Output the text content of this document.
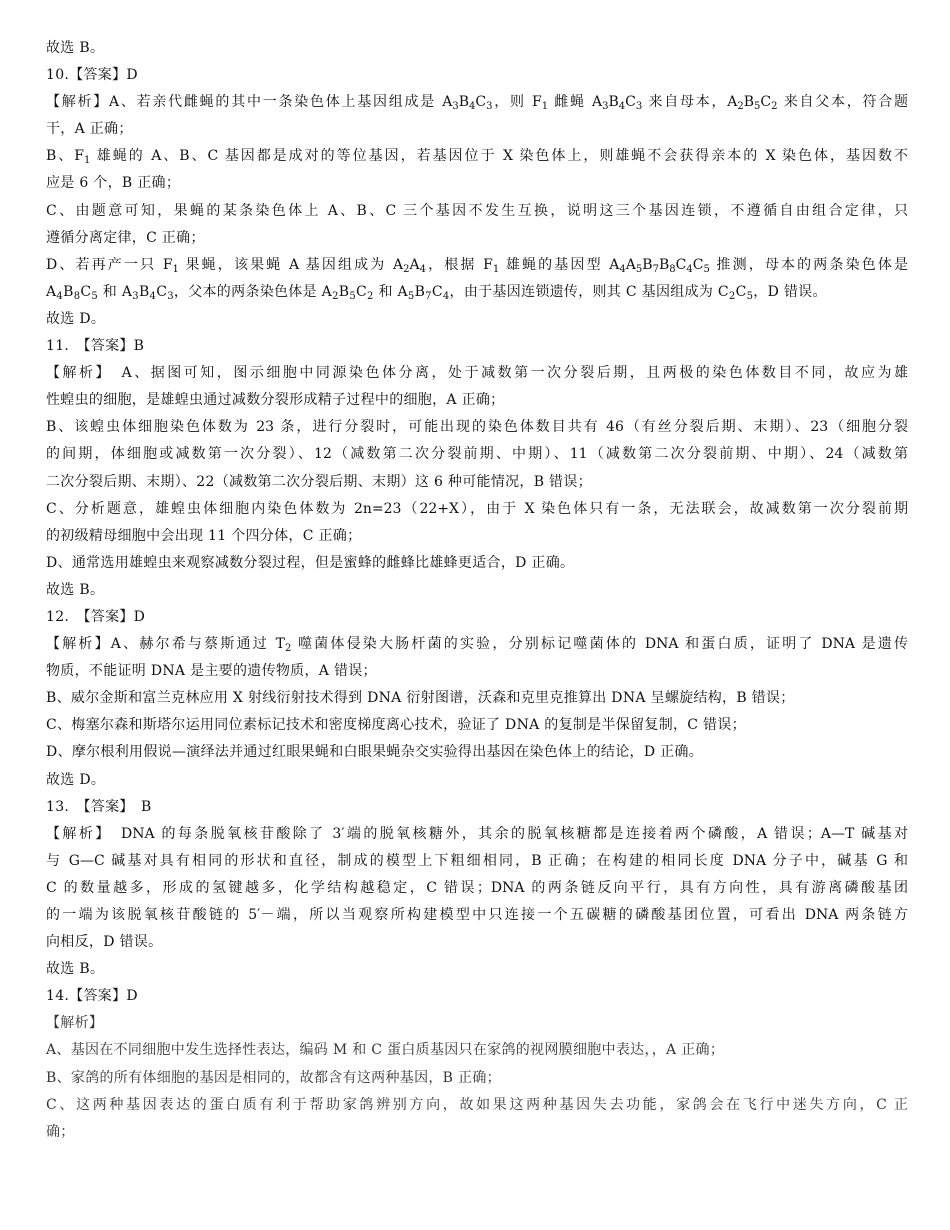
故选 B。
10.【答案】D
【解析】A、若亲代雌蝇的其中一条染色体上基因组成是 $A_3B_4C_3$，则 $F_1$ 雌蝇 $A_3B_4C_3$ 来自母本，$A_2B_5C_2$ 来自父本，符合题
干，A 正确；
B、$F_1$ 雄蝇的 A、B、C 基因都是成对的等位基因，若基因位于 X 染色体上，则雄蝇不会获得亲本的 X 染色体，基因数不
应是 6 个，B 正确；
C、由题意可知，果蝇的某条染色体上 A、B、C 三个基因不发生互换，说明这三个基因连锁，不遵循自由组合定律，只
遵循分离定律，C 正确；
D、若再产一只 $F_1$ 果蝇，该果蝇 A 基因组成为 $A_2A_4$，根据 $F_1$ 雄蝇的基因型 $A_4A_5B_7B_8C_4C_5$ 推测，母本的两条染色体是
$A_4B_8C_5$ 和 $A_3B_4C_3$，父本的两条染色体是 $A_2B_5C_2$ 和 $A_5B_7C_4$，由于基因连锁遗传，则其 C 基因组成为 $C_2C_5$，D 错误。
故选 D。
11.　【答案】B
【解析】　A、据图可知，图示细胞中同源染色体分离，处于减数第一次分裂后期，且两极的染色体数目不同，故应为雄
性蝗虫的细胞，是雄蝗虫通过减数分裂形成精子过程中的细胞，A 正确；
B、该蝗虫体细胞染色体数为 23 条，进行分裂时，可能出现的染色体数目共有 46（有丝分裂后期、末期）、23（细胞分裂
的间期，体细胞或减数第一次分裂）、12（减数第二次分裂前期、中期）、11（减数第二次分裂前期、中期）、24（减数第
二次分裂后期、末期）、22（减数第二次分裂后期、末期）这 6 种可能情况，B 错误；
C、分析题意，雄蝗虫体细胞内染色体数为 2n=23（22+X），由于 X 染色体只有一条，无法联会，故减数第一次分裂前期
的初级精母细胞中会出现 11 个四分体，C 正确；
D、通常选用雄蝗虫来观察减数分裂过程，但是蜜蜂的雌蜂比雄蜂更适合，D 正确。
故选 B。
12.　【答案】D
【解析】A、赫尔希与蔡斯通过 $T_2$ 噬菌体侵染大肠杆菌的实验，分别标记噬菌体的 DNA 和蛋白质，证明了 DNA 是遗传
物质，不能证明 DNA 是主要的遗传物质，A 错误；
B、威尔金斯和富兰克林应用 X 射线衍射技术得到 DNA 衍射图谱，沃森和克里克推算出 DNA 呈螺旋结构，B 错误；
C、梅塞尔森和斯塔尔运用同位素标记技术和密度梯度离心技术，验证了 DNA 的复制是半保留复制，C 错误；
D、摩尔根利用假说—演绎法并通过红眼果蝇和白眼果蝇杂交实验得出基因在染色体上的结论，D 正确。
故选 D。
13.　【答案】　B
【解析】　DNA 的每条脱氧核苷酸除了 3′端的脱氧核糖外，其余的脱氧核糖都是连接着两个磷酸，A 错误；A—T 碱基对
与 G—C 碱基对具有相同的形状和直径，制成的模型上下粗细相同，B 正确；在构建的相同长度 DNA 分子中，碱基 G 和
C 的数量越多，形成的氢键越多，化学结构越稳定，C 错误；DNA 的两条链反向平行，具有方向性，具有游离磷酸基团
的一端为该脱氧核苷酸链的 5′－端，所以当观察所构建模型中只连接一个五碳糖的磷酸基团位置，可看出 DNA 两条链方
向相反，D 错误。
故选 B。
14.【答案】D
【解析】
A、基因在不同细胞中发生选择性表达，编码 M 和 C 蛋白质基因只在家鸽的视网膜细胞中表达，，A 正确；
B、家鸽的所有体细胞的基因是相同的，故都含有这两种基因，B 正确；
C、这两种基因表达的蛋白质有利于帮助家鸽辨别方向，故如果这两种基因失去功能，家鸽会在飞行中迷失方向，C 正
确；
